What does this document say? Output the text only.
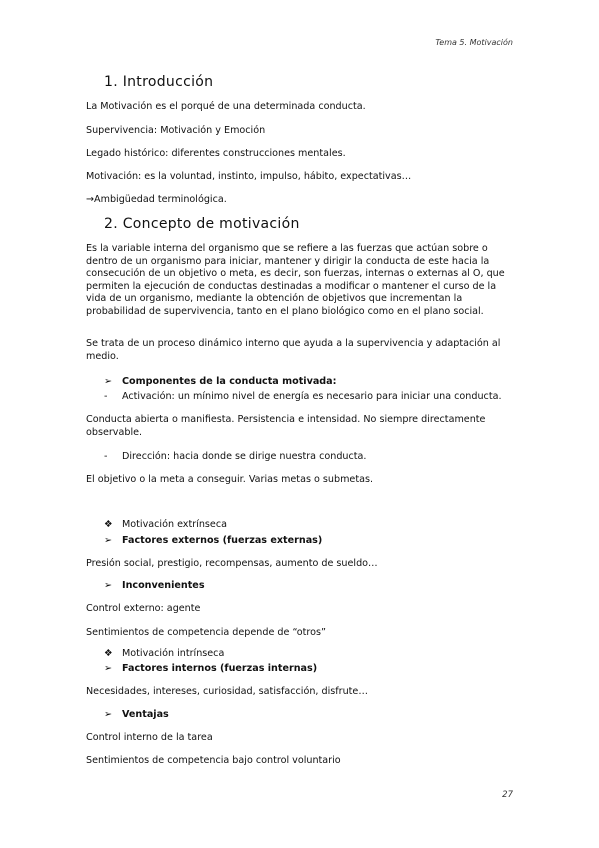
Tema 5. Motivación
1. Introducción
La Motivación es el porqué de una determinada conducta.
Supervivencia: Motivación y Emoción
Legado histórico: diferentes construcciones mentales.
Motivación: es la voluntad, instinto, impulso, hábito, expectativas…
→Ambigüedad terminológica.
2. Concepto de motivación
Es la variable interna del organismo que se refiere a las fuerzas que actúan sobre o
dentro de un organismo para iniciar, mantener y dirigir la conducta de este hacia la
consecución de un objetivo o meta, es decir, son fuerzas, internas o externas al O, que
permiten la ejecución de conductas destinadas a modificar o mantener el curso de la
vida de un organismo, mediante la obtención de objetivos que incrementan la
probabilidad de supervivencia, tanto en el plano biológico como en el plano social.
Se trata de un proceso dinámico interno que ayuda a la supervivencia y adaptación al
medio.
➢ Componentes de la conducta motivada:
- Activación: un mínimo nivel de energía es necesario para iniciar una conducta.
Conducta abierta o manifiesta. Persistencia e intensidad. No siempre directamente
observable.
- Dirección: hacia donde se dirige nuestra conducta.
El objetivo o la meta a conseguir. Varias metas o submetas.
❖ Motivación extrínseca
➢ Factores externos (fuerzas externas)
Presión social, prestigio, recompensas, aumento de sueldo…
➢ Inconvenientes
Control externo: agente
Sentimientos de competencia depende de “otros”
❖ Motivación intrínseca
➢ Factores internos (fuerzas internas)
Necesidades, intereses, curiosidad, satisfacción, disfrute…
➢ Ventajas
Control interno de la tarea
Sentimientos de competencia bajo control voluntario
27
